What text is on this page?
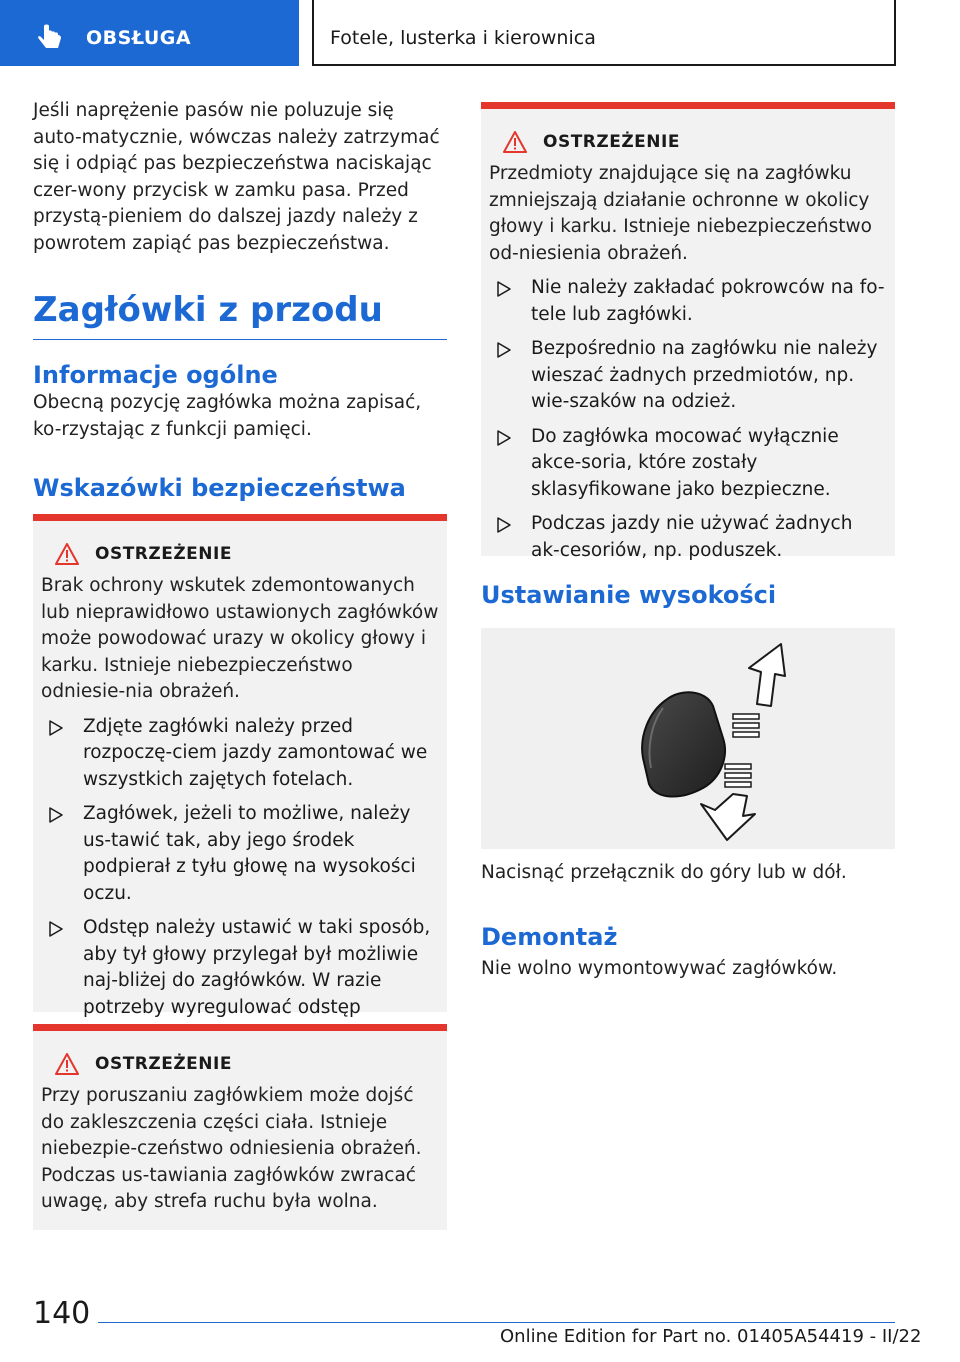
OBSŁUGA	Fotele, lusterka i kierownica

Jeśli naprężenie pasów nie poluzuje się auto-matycznie, wówczas należy zatrzymać się i odpiąć pas bezpieczeństwa naciskając czer-wony przycisk w zamku pasa. Przed przystą-pieniem do dalszej jazdy należy z powrotem zapiąć pas bezpieczeństwa.

Zagłówki z przodu
Informacje ogólne

Obecną pozycję zagłówka można zapisać, ko-rzystając z funkcji pamięci.

Wskazówki bezpieczeństwa
OSTRZEŻENIE

Brak ochrony wskutek zdemontowanych lub nieprawidłowo ustawionych zagłówków może powodować urazy w okolicy głowy i karku. Istnieje niebezpieczeństwo odniesie-nia obrażeń.

Zdjęte zagłówki należy przed rozpoczę-ciem jazdy zamontować we wszystkich zajętych fotelach.
Zagłówek, jeżeli to możliwe, należy us-tawić tak, aby jego środek podpierał z tyłu głowę na wysokości oczu.
Odstęp należy ustawić w taki sposób, aby tył głowy przylegał był możliwie naj-bliżej do zagłówków. W razie potrzeby wyregulować odstęp
OSTRZEŻENIE

Przy poruszaniu zagłówkiem może dojść do zakleszczenia części ciała. Istnieje niebezpie-czeństwo odniesienia obrażeń. Podczas us-tawiania zagłówków zwracać uwagę, aby strefa ruchu była wolna.

OSTRZEŻENIE

Przedmioty znajdujące się na zagłówku zmniejszają działanie ochronne w okolicy głowy i karku. Istnieje niebezpieczeństwo od-niesienia obrażeń.

Nie należy zakładać pokrowców na fo-tele lub zagłówki.
Bezpośrednio na zagłówku nie należy wieszać żadnych przedmiotów, np. wie-szaków na odzież.
Do zagłówka mocować wyłącznie akce-soria, które zostały sklasyfikowane jako bezpieczne.
Podczas jazdy nie używać żadnych ak-cesoriów, np. poduszek.
Ustawianie wysokości

Nacisnąć przełącznik do góry lub w dół.

Demontaż

Nie wolno wymontowywać zagłówków.

140
Online Edition for Part no. 01405A54419 - II/22
